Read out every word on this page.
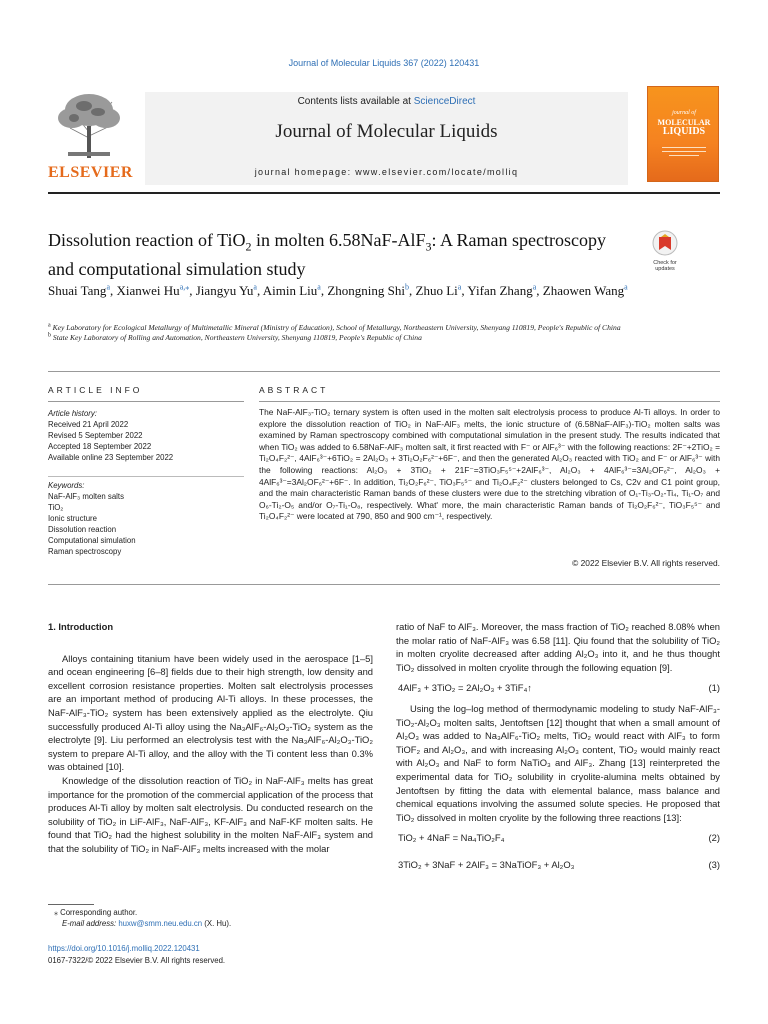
Journal of Molecular Liquids 367 (2022) 120431
ELSEVIER
Contents lists available at ScienceDirect
Journal of Molecular Liquids
journal homepage: www.elsevier.com/locate/molliq
journal of
MOLECULAR
LIQUIDS
Dissolution reaction of TiO$_2$ in molten 6.58NaF-AlF$_3$: A Raman spectroscopy and computational simulation study	Check for
updates
Shuai Tang$^a$, Xianwei $Hu^{a,⁎}$, Jiangyu Yu$^a$, Aimin Liu$^a$, Zhongning Shi$^b$, Zhuo Li$^a$, Yifan Zhang$^a$, Zhaowen Wang$^a$
$^a$ Key Laboratory for Ecological Metallurgy of Multimetallic Mineral (Ministry of Education), School of Metallurgy, Northeastern University, Shenyang 110819, People's Republic of China
$^b$ State Key Laboratory of Rolling and Automation, Northeastern University, Shenyang 110819, People's Republic of China
ARTICLE INFO	ABSTRACT
Article history:
Received 21 April 2022
Revised 5 September 2022
Accepted 18 September 2022
Available online 23 September 2022
Keywords:
NaF-AlF₃ molten salts
TiO₂
Ionic structure
Dissolution reaction
Computational simulation
Raman spectroscopy
The NaF-AlF₃-TiO₂ ternary system is often used in the molten salt electrolysis process to produce Al-Ti alloys. In order to explore the dissolution reaction of TiO₂ in NaF-AlF₃ melts, the ionic structure of (6.58NaF-AlF₃)-TiO₂ molten salts was examined by Raman spectroscopy combined with computational simulation in the present study. The results indicated that when TiO₂ was added to 6.58NaF-AlF₃ molten salt, it first reacted with F⁻ or AlF₆³⁻ with the following reactions: 2F⁻+2TiO₂ = Ti₂O₄F₂²⁻, 4AlF₆³⁻+6TiO₂ = 2Al₂O₃ + 3Ti₂O₂F₆²⁻+6F⁻, and then the generated Al₂O₃ reacted with TiO₂ and F⁻ or AlF₆³⁻ with the following reactions: Al₂O₃ + 3TiO₂ + 21F⁻=3TiO₃F₅⁵⁻+2AlF₆³⁻, Al₂O₃ + 4AlF₆³⁻=3Al₂OF₆²⁻, Al₂O₃ + 4AlF₆³⁻=3Al₂OF₆²⁻+6F⁻. In addition, Ti₂O₂F₆²⁻, TiO₃F₅⁵⁻ and Ti₂O₄F₂²⁻ clusters belonged to Cs, C2v and C1 point group, and the main characteristic Raman bands of these clusters were due to the stretching vibration of O₁-Ti₃-O₂-Ti₄, Ti₁-O₇ and O₆-Ti₂-O₅ and/or O₇-Ti₁-O₈, respectively. What' more, the main characteristic Raman bands of Ti₂O₂F₆²⁻, TiO₃F₅⁵⁻ and Ti₂O₄F₂²⁻ were located at 790, 850 and 900 cm⁻¹, respectively.
© 2022 Elsevier B.V. All rights reserved.
1. Introduction

Alloys containing titanium have been widely used in the aerospace [1–5] and ocean engineering [6–8] fields due to their high strength, low density and excellent corrosion resistance properties. Molten salt electrolysis processes are an important method of producing Al-Ti alloys. In these processes, the NaF-AlF₃-TiO₂ system has been extensively applied as the electrolyte. Qiu successfully produced Al-Ti alloy using the Na₃AlF₆-Al₂O₃-TiO₂ system as the electrolyte [9]. Liu performed an electrolysis test with the Na₃AlF₆-Al₂O₃-TiO₂ system to prepare Al-Ti alloy, and the alloy with the Ti content less than 0.3% was obtained [10].

Knowledge of the dissolution reaction of TiO₂ in NaF-AlF₃ melts has great importance for the promotion of the commercial application of the process that produces Al-Ti alloy by molten salt electrolysis. Du conducted research on the solubility of TiO₂ in LiF-AlF₃, NaF-AlF₃, KF-AlF₃ and NaF-KF molten salts. He found that TiO₂ had the highest solubility in the molten NaF-AlF₃ system and that the solubility of TiO₂ in NaF-AlF₃ melts increased with the molar

ratio of NaF to AlF₃. Moreover, the mass fraction of TiO₂ reached 8.08% when the molar ratio of NaF-AlF₃ was 6.58 [11]. Qiu found that the solubility of TiO₂ in molten cryolite decreased after adding Al₂O₃ into it, and he thus thought TiO₂ dissolved in molten cryolite through the following equation [9].

4AlF₃ + 3TiO₂ = 2Al₂O₃ + 3TiF₄↑	(1)

Using the log–log method of thermodynamic modeling to study NaF-AlF₃-TiO₂-Al₂O₃ molten salts, Jentoftsen [12] thought that when a small amount of Al₂O₃ was added to Na₃AlF₆-TiO₂ melts, TiO₂ would react with AlF₃ to form TiOF₂ and Al₂O₃, and with increasing Al₂O₃ content, TiO₂ would mainly react with Al₂O₃ and NaF to form NaTiO₃ and AlF₃. Zhang [13] reinterpreted the experimental data for TiO₂ solubility in cryolite-alumina melts obtained by Jentoftsen by fitting the data with elemental balance, mass balance and chemical equations involving the assumed solute species. He proposed that TiO₂ dissolved in molten cryolite by the following three reactions [13]:

TiO₂ + 4NaF = Na₄TiO₂F₄	(2)
3TiO₂ + 3NaF + 2AlF₃ = 3NaTiOF₃ + Al₂O₃	(3)
⁎ Corresponding author.
E-mail address: huxw@smm.neu.edu.cn (X. Hu).
https://doi.org/10.1016/j.molliq.2022.120431
0167-7322/© 2022 Elsevier B.V. All rights reserved.
